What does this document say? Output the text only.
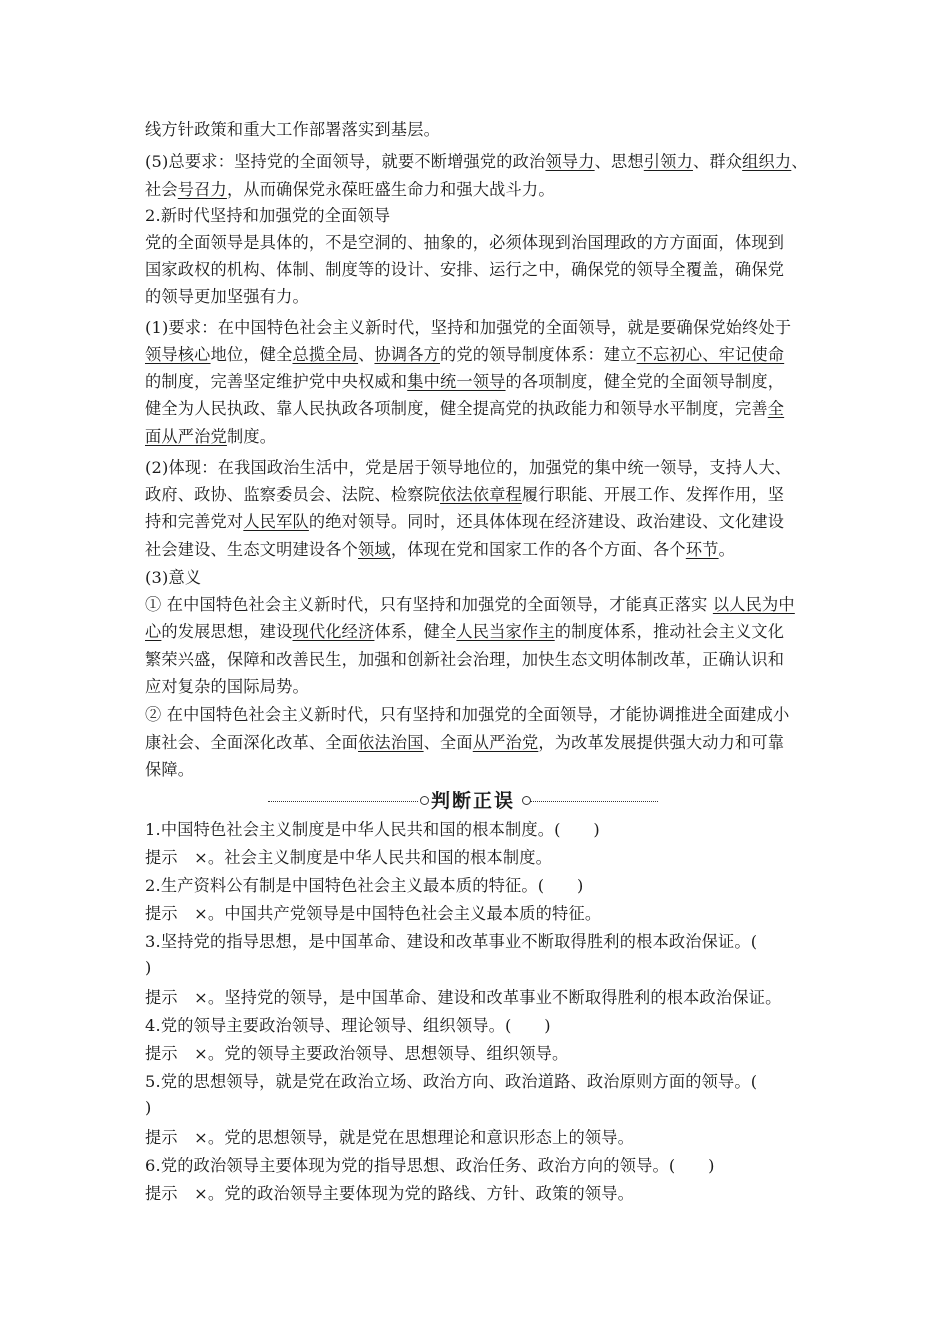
判断正误
线方针政策和重大工作部署落实到基层。
(5)总要求：坚持党的全面领导，就要不断增强党的政治领导力、思想引领力、群众组织力、
社会号召力，从而确保党永葆旺盛生命力和强大战斗力。
2.新时代坚持和加强党的全面领导
党的全面领导是具体的，不是空洞的、抽象的，必须体现到治国理政的方方面面，体现到
国家政权的机构、体制、制度等的设计、安排、运行之中，确保党的领导全覆盖，确保党
的领导更加坚强有力。
(1)要求：在中国特色社会主义新时代，坚持和加强党的全面领导，就是要确保党始终处于
领导核心地位，健全总揽全局、协调各方的党的领导制度体系：建立不忘初心、牢记使命
的制度，完善坚定维护党中央权威和集中统一领导的各项制度，健全党的全面领导制度，
健全为人民执政、靠人民执政各项制度，健全提高党的执政能力和领导水平制度，完善全
面从严治党制度。
(2)体现：在我国政治生活中，党是居于领导地位的，加强党的集中统一领导，支持人大、
政府、政协、监察委员会、法院、检察院依法依章程履行职能、开展工作、发挥作用，坚
持和完善党对人民军队的绝对领导。同时，还具体体现在经济建设、政治建设、文化建设
社会建设、生态文明建设各个领域，体现在党和国家工作的各个方面、各个环节。
(3)意义
① 在中国特色社会主义新时代，只有坚持和加强党的全面领导，才能真正落实 以人民为中
心的发展思想，建设现代化经济体系，健全人民当家作主的制度体系，推动社会主义文化
繁荣兴盛，保障和改善民生，加强和创新社会治理，加快生态文明体制改革，正确认识和
应对复杂的国际局势。
② 在中国特色社会主义新时代，只有坚持和加强党的全面领导，才能协调推进全面建成小
康社会、全面深化改革、全面依法治国、全面从严治党，为改革发展提供强大动力和可靠
保障。
1.中国特色社会主义制度是中华人民共和国的根本制度。(　　)
提示　×。社会主义制度是中华人民共和国的根本制度。
2.生产资料公有制是中国特色社会主义最本质的特征。(　　)
提示　×。中国共产党领导是中国特色社会主义最本质的特征。
3.坚持党的指导思想，是中国革命、建设和改革事业不断取得胜利的根本政治保证。(
)
提示　×。坚持党的领导，是中国革命、建设和改革事业不断取得胜利的根本政治保证。
4.党的领导主要政治领导、理论领导、组织领导。(　　)
提示　×。党的领导主要政治领导、思想领导、组织领导。
5.党的思想领导，就是党在政治立场、政治方向、政治道路、政治原则方面的领导。(
)
提示　×。党的思想领导，就是党在思想理论和意识形态上的领导。
6.党的政治领导主要体现为党的指导思想、政治任务、政治方向的领导。(　　)
提示　×。党的政治领导主要体现为党的路线、方针、政策的领导。
